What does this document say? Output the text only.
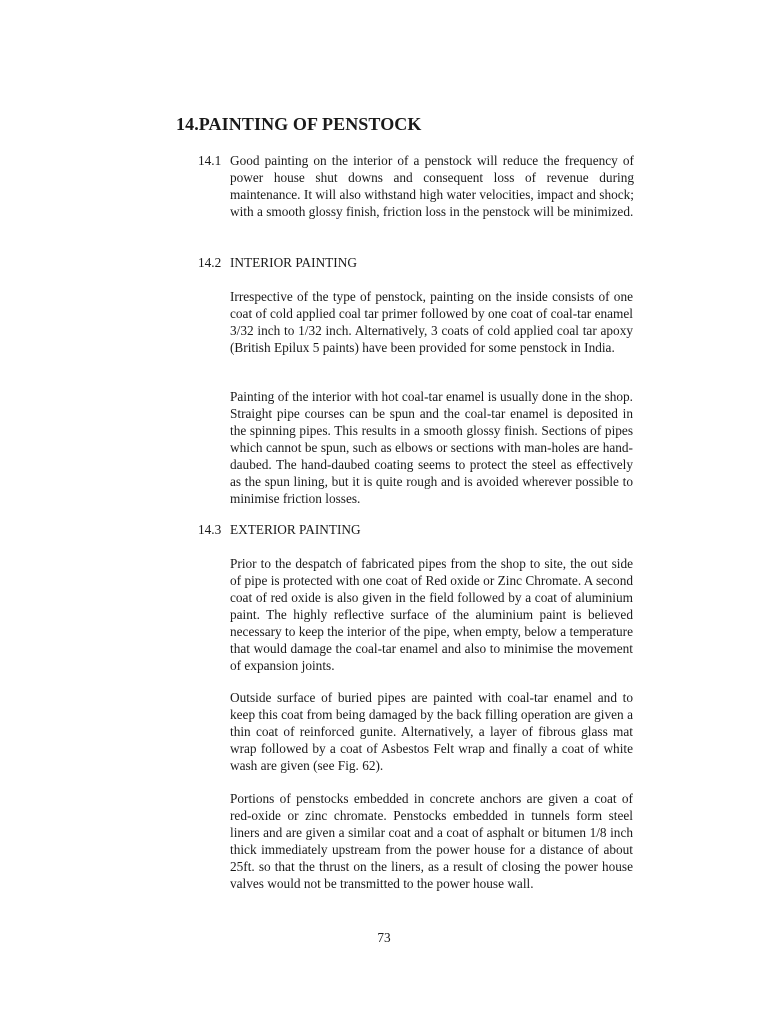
14.PAINTING OF PENSTOCK
14.1 Good painting on the interior of a penstock will reduce the frequency of power house shut downs and consequent loss of revenue during maintenance. It will also withstand high water velocities, impact and shock; with a smooth glossy finish, friction loss in the penstock will be minimized.
14.2 INTERIOR PAINTING
Irrespective of the type of penstock, painting on the inside consists of one coat of cold applied coal tar primer followed by one coat of coal-tar enamel 3/32 inch to 1/32 inch. Alternatively, 3 coats of cold applied coal tar apoxy (British Epilux 5 paints) have been provided for some penstock in India.
Painting of the interior with hot coal-tar enamel is usually done in the shop. Straight pipe courses can be spun and the coal-tar enamel is deposited in the spinning pipes. This results in a smooth glossy finish. Sections of pipes which cannot be spun, such as elbows or sections with man-holes are hand-daubed. The hand-daubed coating seems to protect the steel as effectively as the spun lining, but it is quite rough and is avoided wherever possible to minimise friction losses.
14.3 EXTERIOR PAINTING
Prior to the despatch of fabricated pipes from the shop to site, the out side of pipe is protected with one coat of Red oxide or Zinc Chromate. A second coat of red oxide is also given in the field followed by a coat of aluminium paint. The highly reflective surface of the aluminium paint is believed necessary to keep the interior of the pipe, when empty, below a temperature that would damage the coal-tar enamel and also to minimise the movement of expansion joints.
Outside surface of buried pipes are painted with coal-tar enamel and to keep this coat from being damaged by the back filling operation are given a thin coat of reinforced gunite. Alternatively, a layer of fibrous glass mat wrap followed by a coat of Asbestos Felt wrap and finally a coat of white wash are given (see Fig. 62).
Portions of penstocks embedded in concrete anchors are given a coat of red-oxide or zinc chromate. Penstocks embedded in tunnels form steel liners and are given a similar coat and a coat of asphalt or bitumen 1/8 inch thick immediately upstream from the power house for a distance of about 25ft. so that the thrust on the liners, as a result of closing the power house valves would not be transmitted to the power house wall.
73
